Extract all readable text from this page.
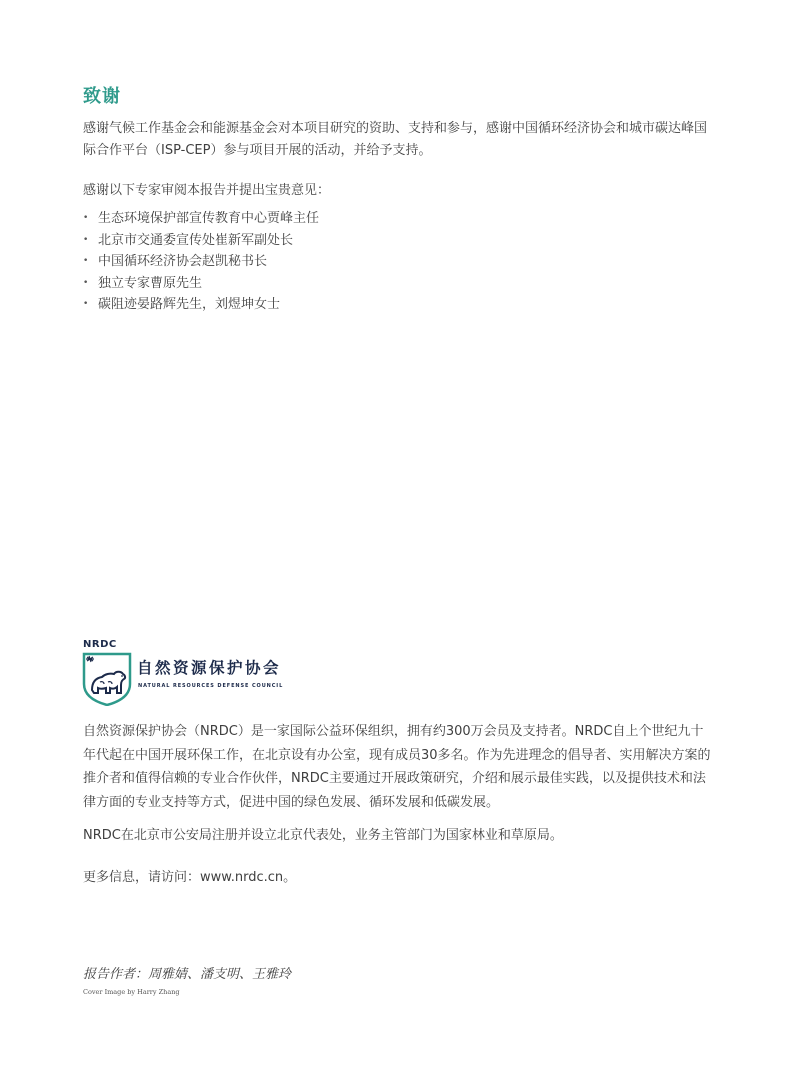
致谢
感谢气候工作基金会和能源基金会对本项目研究的资助、支持和参与，感谢中国循环经济协会和城市碳达峰国际合作平台（ISP-CEP）参与项目开展的活动，并给予支持。
感谢以下专家审阅本报告并提出宝贵意见：
• 生态环境保护部宣传教育中心贾峰主任
• 北京市交通委宣传处崔新军副处长
• 中国循环经济协会赵凯秘书长
• 独立专家曹原先生
• 碳阻迹晏路辉先生，刘煜坤女士
NRDC
自然资源保护协会
NATURAL RESOURCES DEFENSE COUNCIL
自然资源保护协会（NRDC）是一家国际公益环保组织，拥有约300万会员及支持者。NRDC自上个世纪九十年代起在中国开展环保工作，在北京设有办公室，现有成员30多名。作为先进理念的倡导者、实用解决方案的推介者和值得信赖的专业合作伙伴，NRDC主要通过开展政策研究，介绍和展示最佳实践，以及提供技术和法律方面的专业支持等方式，促进中国的绿色发展、循环发展和低碳发展。
NRDC在北京市公安局注册并设立北京代表处，业务主管部门为国家林业和草原局。
更多信息，请访问：www.nrdc.cn。
报告作者：周雅婧、潘支明、王雅玲
Cover Image by Harry Zhang
